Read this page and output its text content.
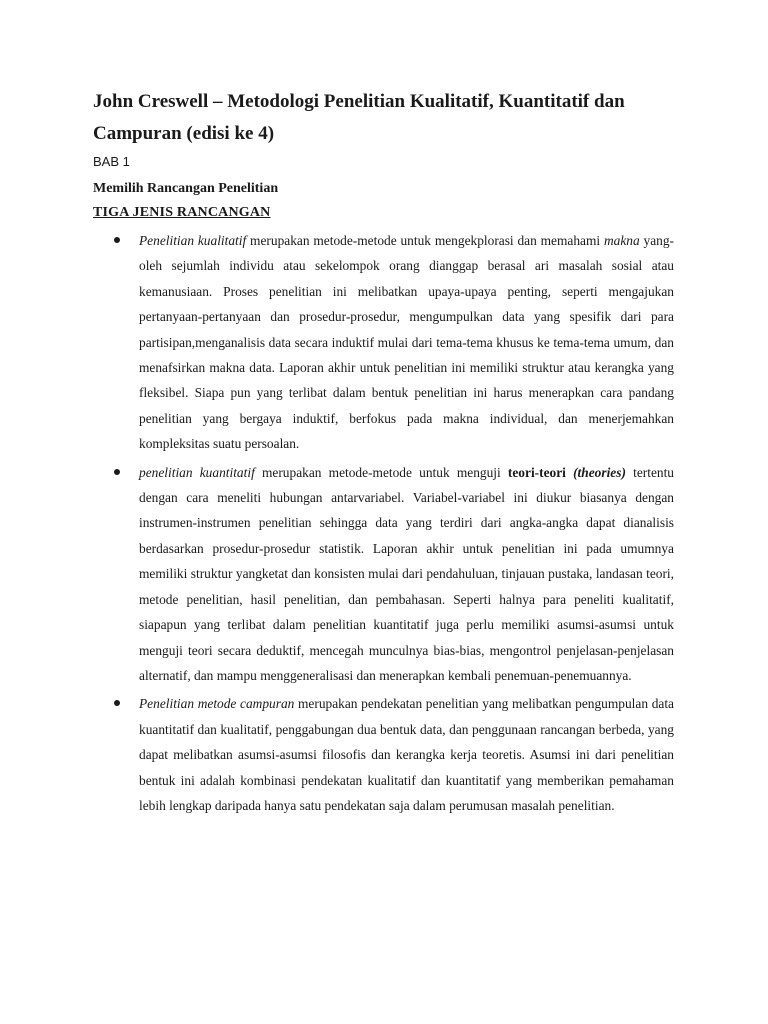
John Creswell – Metodologi Penelitian Kualitatif, Kuantitatif dan Campuran (edisi ke 4)
BAB 1
Memilih Rancangan Penelitian
TIGA JENIS RANCANGAN
Penelitian kualitatif merupakan metode-metode untuk mengekplorasi dan memahami makna yang-oleh sejumlah individu atau sekelompok orang dianggap berasal ari masalah sosial atau kemanusiaan. Proses penelitian ini melibatkan upaya-upaya penting, seperti mengajukan pertanyaan-pertanyaan dan prosedur-prosedur, mengumpulkan data yang spesifik dari para partisipan,menganalisis data secara induktif mulai dari tema-tema khusus ke tema-tema umum, dan menafsirkan makna data. Laporan akhir untuk penelitian ini memiliki struktur atau kerangka yang fleksibel. Siapa pun yang terlibat dalam bentuk penelitian ini harus menerapkan cara pandang penelitian yang bergaya induktif, berfokus pada makna individual, dan menerjemahkan kompleksitas suatu persoalan.
penelitian kuantitatif merupakan metode-metode untuk menguji teori-teori (theories) tertentu dengan cara meneliti hubungan antarvariabel. Variabel-variabel ini diukur biasanya dengan instrumen-instrumen penelitian sehingga data yang terdiri dari angka-angka dapat dianalisis berdasarkan prosedur-prosedur statistik. Laporan akhir untuk penelitian ini pada umumnya memiliki struktur yangketat dan konsisten mulai dari pendahuluan, tinjauan pustaka, landasan teori, metode penelitian, hasil penelitian, dan pembahasan. Seperti halnya para peneliti kualitatif, siapapun yang terlibat dalam penelitian kuantitatif juga perlu memiliki asumsi-asumsi untuk menguji teori secara deduktif, mencegah munculnya bias-bias, mengontrol penjelasan-penjelasan alternatif, dan mampu menggeneralisasi dan menerapkan kembali penemuan-penemuannya.
Penelitian metode campuran merupakan pendekatan penelitian yang melibatkan pengumpulan data kuantitatif dan kualitatif, penggabungan dua bentuk data, dan penggunaan rancangan berbeda, yang dapat melibatkan asumsi-asumsi filosofis dan kerangka kerja teoretis. Asumsi ini dari penelitian bentuk ini adalah kombinasi pendekatan kualitatif dan kuantitatif yang memberikan pemahaman lebih lengkap daripada hanya satu pendekatan saja dalam perumusan masalah penelitian.
